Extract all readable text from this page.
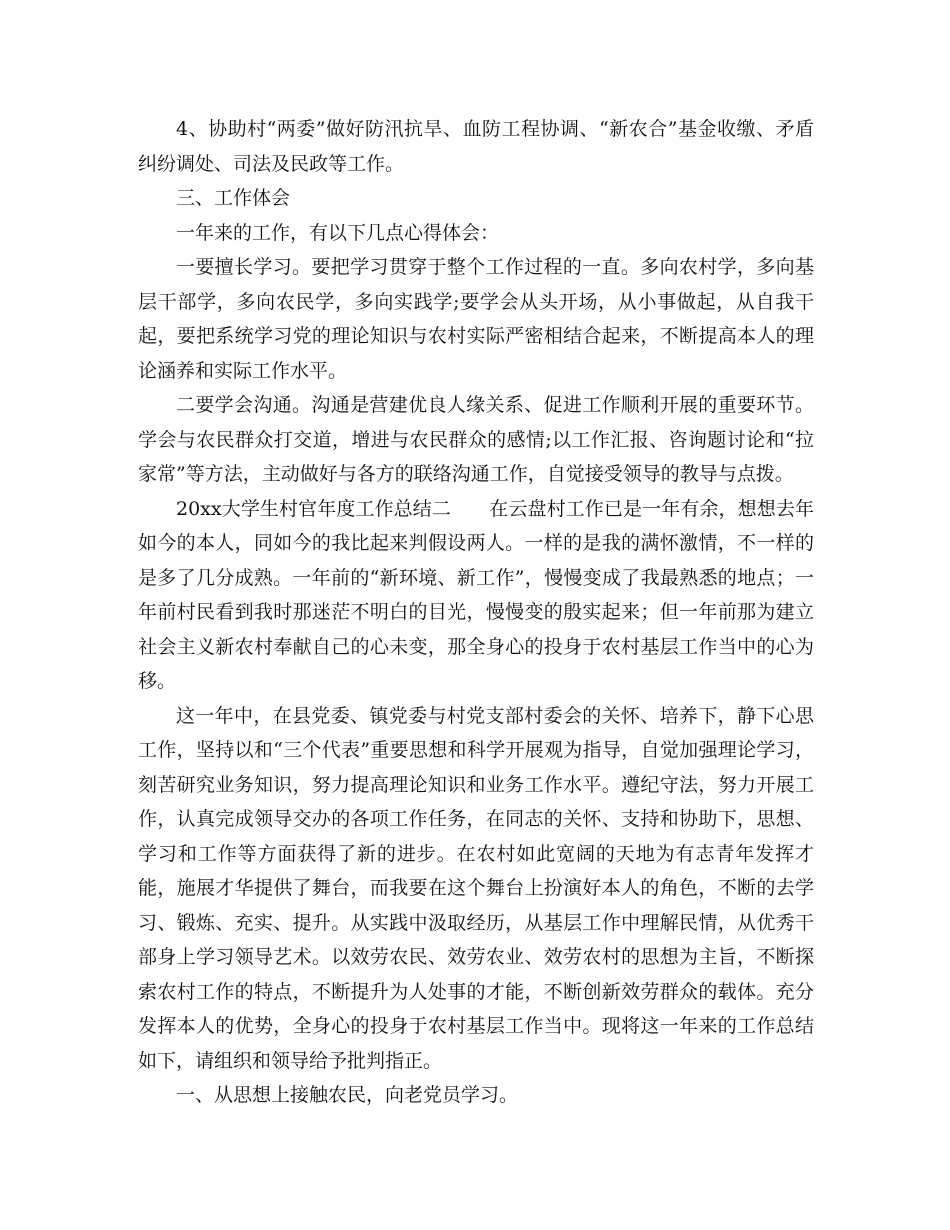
4、协助村“两委”做好防汛抗旱、血防工程协调、“新农合”基金收缴、矛盾纠纷调处、司法及民政等工作。

三、工作体会

一年来的工作，有以下几点心得体会：

一要擅长学习。要把学习贯穿于整个工作过程的一直。多向农村学，多向基层干部学，多向农民学，多向实践学;要学会从头开场，从小事做起，从自我干起，要把系统学习党的理论知识与农村实际严密相结合起来，不断提高本人的理论涵养和实际工作水平。

二要学会沟通。沟通是营建优良人缘关系、促进工作顺利开展的重要环节。学会与农民群众打交道，增进与农民群众的感情;以工作汇报、咨询题讨论和“拉家常”等方法，主动做好与各方的联络沟通工作，自觉接受领导的教导与点拨。

20xx大学生村官年度工作总结二　　在云盘村工作已是一年有余，想想去年如今的本人，同如今的我比起来判假设两人。一样的是我的满怀激情，不一样的是多了几分成熟。一年前的“新环境、新工作”，慢慢变成了我最熟悉的地点；一年前村民看到我时那迷茫不明白的目光，慢慢变的殷实起来；但一年前那为建立社会主义新农村奉献自己的心未变，那全身心的投身于农村基层工作当中的心为移。

这一年中，在县党委、镇党委与村党支部村委会的关怀、培养下，静下心思工作，坚持以和“三个代表”重要思想和科学开展观为指导，自觉加强理论学习，刻苦研究业务知识，努力提高理论知识和业务工作水平。遵纪守法，努力开展工作，认真完成领导交办的各项工作任务，在同志的关怀、支持和协助下，思想、学习和工作等方面获得了新的进步。在农村如此宽阔的天地为有志青年发挥才能，施展才华提供了舞台，而我要在这个舞台上扮演好本人的角色，不断的去学习、锻炼、充实、提升。从实践中汲取经历，从基层工作中理解民情，从优秀干部身上学习领导艺术。以效劳农民、效劳农业、效劳农村的思想为主旨，不断探索农村工作的特点，不断提升为人处事的才能，不断创新效劳群众的载体。充分发挥本人的优势，全身心的投身于农村基层工作当中。现将这一年来的工作总结如下，请组织和领导给予批判指正。

一、从思想上接触农民，向老党员学习。
